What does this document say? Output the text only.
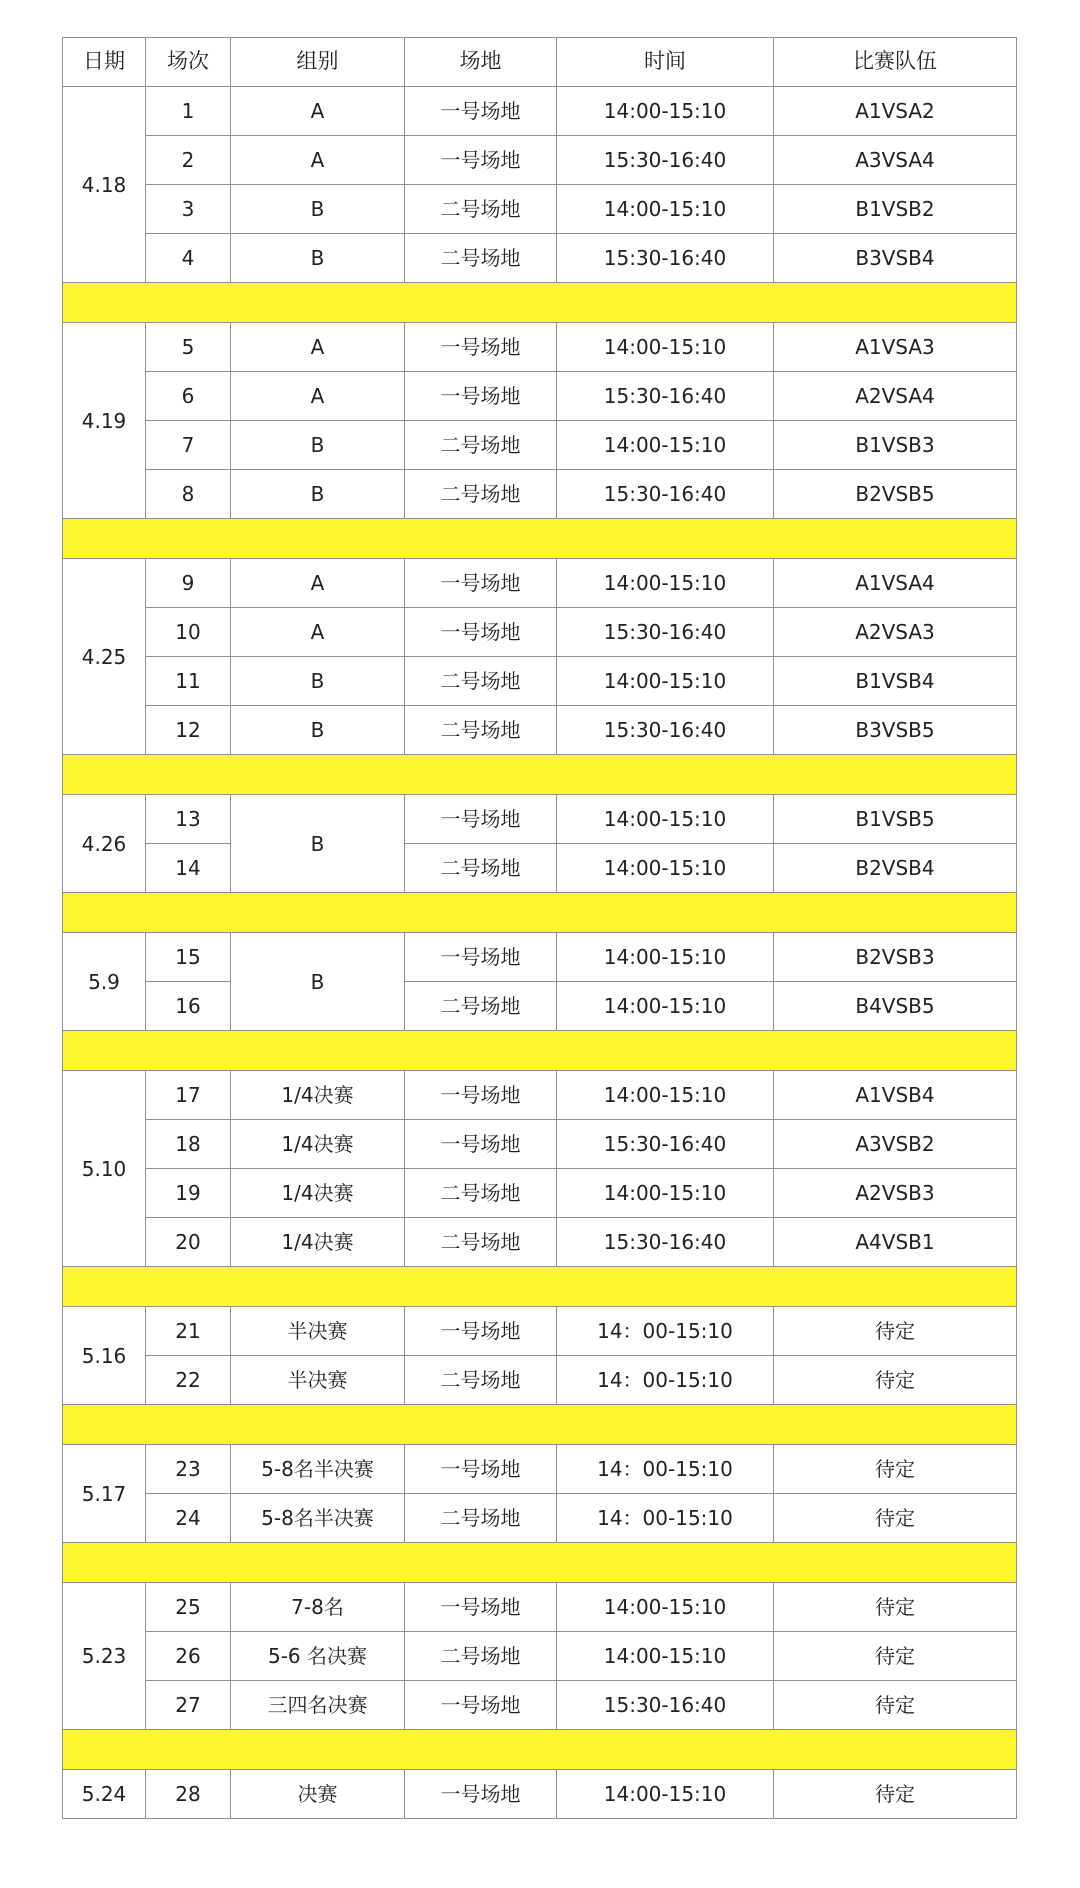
日期	场次	组别	场地	时间	比赛队伍
4.18	1	A	一号场地	14:00-15:10	A1VSA2
	2	A	一号场地	15:30-16:40	A3VSA4
	3	B	二号场地	14:00-15:10	B1VSB2
	4	B	二号场地	15:30-16:40	B3VSB4

4.19	5	A	一号场地	14:00-15:10	A1VSA3
	6	A	一号场地	15:30-16:40	A2VSA4
	7	B	二号场地	14:00-15:10	B1VSB3
	8	B	二号场地	15:30-16:40	B2VSB5

4.25	9	A	一号场地	14:00-15:10	A1VSA4
	10	A	一号场地	15:30-16:40	A2VSA3
	11	B	二号场地	14:00-15:10	B1VSB4
	12	B	二号场地	15:30-16:40	B3VSB5

4.26	13	B	一号场地	14:00-15:10	B1VSB5
	14		二号场地	14:00-15:10	B2VSB4

5.9	15	B	一号场地	14:00-15:10	B2VSB3
	16		二号场地	14:00-15:10	B4VSB5

5.10	17	1/4决赛	一号场地	14:00-15:10	A1VSB4
	18	1/4决赛	一号场地	15:30-16:40	A3VSB2
	19	1/4决赛	二号场地	14:00-15:10	A2VSB3
	20	1/4决赛	二号场地	15:30-16:40	A4VSB1

5.16	21	半决赛	一号场地	14：00-15:10	待定
	22	半决赛	二号场地	14：00-15:10	待定

5.17	23	5-8名半决赛	一号场地	14：00-15:10	待定
	24	5-8名半决赛	二号场地	14：00-15:10	待定

5.23	25	7-8名	一号场地	14:00-15:10	待定
	26	5-6 名决赛	二号场地	14:00-15:10	待定
	27	三四名决赛	一号场地	15:30-16:40	待定

5.24	28	决赛	一号场地	14:00-15:10	待定
